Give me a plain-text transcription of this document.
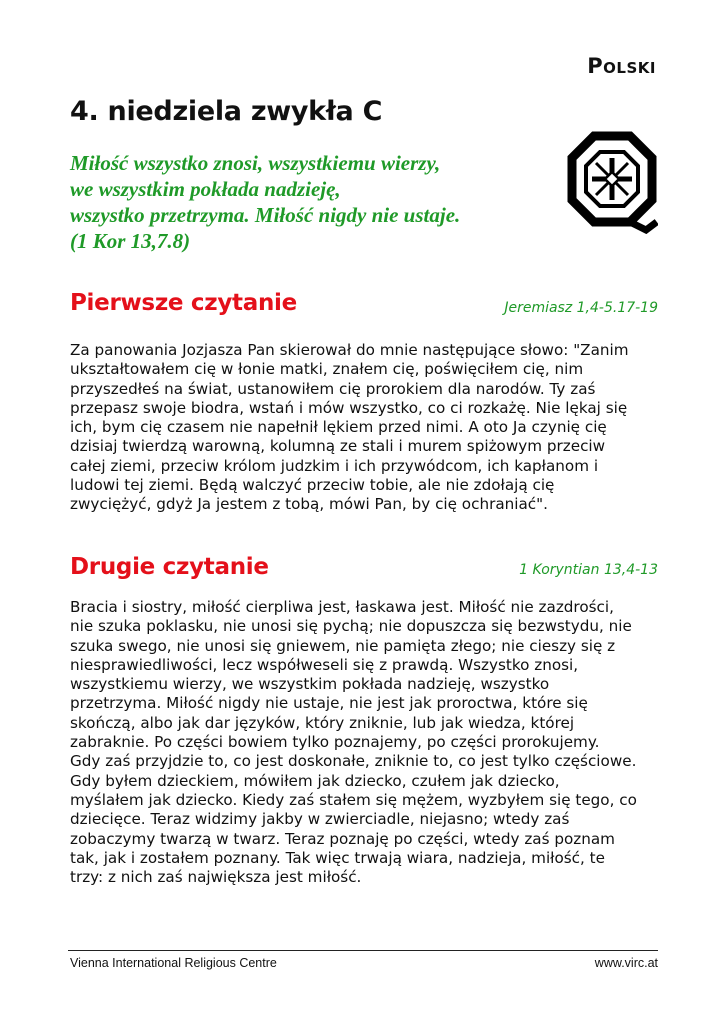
Polski
4. niedziela zwykła C
Miłość wszystko znosi, wszystkiemu wierzy,
we wszystkim pokłada nadzieję,
wszystko przetrzyma. Miłość nigdy nie ustaje.
(1 Kor 13,7.8)
Pierwsze czytanie	Jeremiasz 1,4-5.17-19
Za panowania Jozjasza Pan skierował do mnie następujące słowo: "Zanim
ukształtowałem cię w łonie matki, znałem cię, poświęciłem cię, nim
przyszedłeś na świat, ustanowiłem cię prorokiem dla narodów. Ty zaś
przepasz swoje biodra, wstań i mów wszystko, co ci rozkażę. Nie lękaj się
ich, bym cię czasem nie napełnił lękiem przed nimi. A oto Ja czynię cię
dzisiaj twierdzą warowną, kolumną ze stali i murem spiżowym przeciw
całej ziemi, przeciw królom judzkim i ich przywódcom, ich kapłanom i
ludowi tej ziemi. Będą walczyć przeciw tobie, ale nie zdołają cię
zwyciężyć, gdyż Ja jestem z tobą, mówi Pan, by cię ochraniać".
Drugie czytanie	1 Koryntian 13,4-13
Bracia i siostry, miłość cierpliwa jest, łaskawa jest. Miłość nie zazdrości,
nie szuka poklasku, nie unosi się pychą; nie dopuszcza się bezwstydu, nie
szuka swego, nie unosi się gniewem, nie pamięta złego; nie cieszy się z
niesprawiedliwości, lecz współweseli się z prawdą. Wszystko znosi,
wszystkiemu wierzy, we wszystkim pokłada nadzieję, wszystko
przetrzyma. Miłość nigdy nie ustaje, nie jest jak proroctwa, które się
skończą, albo jak dar języków, który zniknie, lub jak wiedza, której
zabraknie. Po części bowiem tylko poznajemy, po części prorokujemy.
Gdy zaś przyjdzie to, co jest doskonałe, zniknie to, co jest tylko częściowe.
Gdy byłem dzieckiem, mówiłem jak dziecko, czułem jak dziecko,
myślałem jak dziecko. Kiedy zaś stałem się mężem, wyzbyłem się tego, co
dziecięce. Teraz widzimy jakby w zwierciadle, niejasno; wtedy zaś
zobaczymy twarzą w twarz. Teraz poznaję po części, wtedy zaś poznam
tak, jak i zostałem poznany. Tak więc trwają wiara, nadzieja, miłość, te
trzy: z nich zaś największa jest miłość.
Vienna International Religious Centre	www.virc.at
